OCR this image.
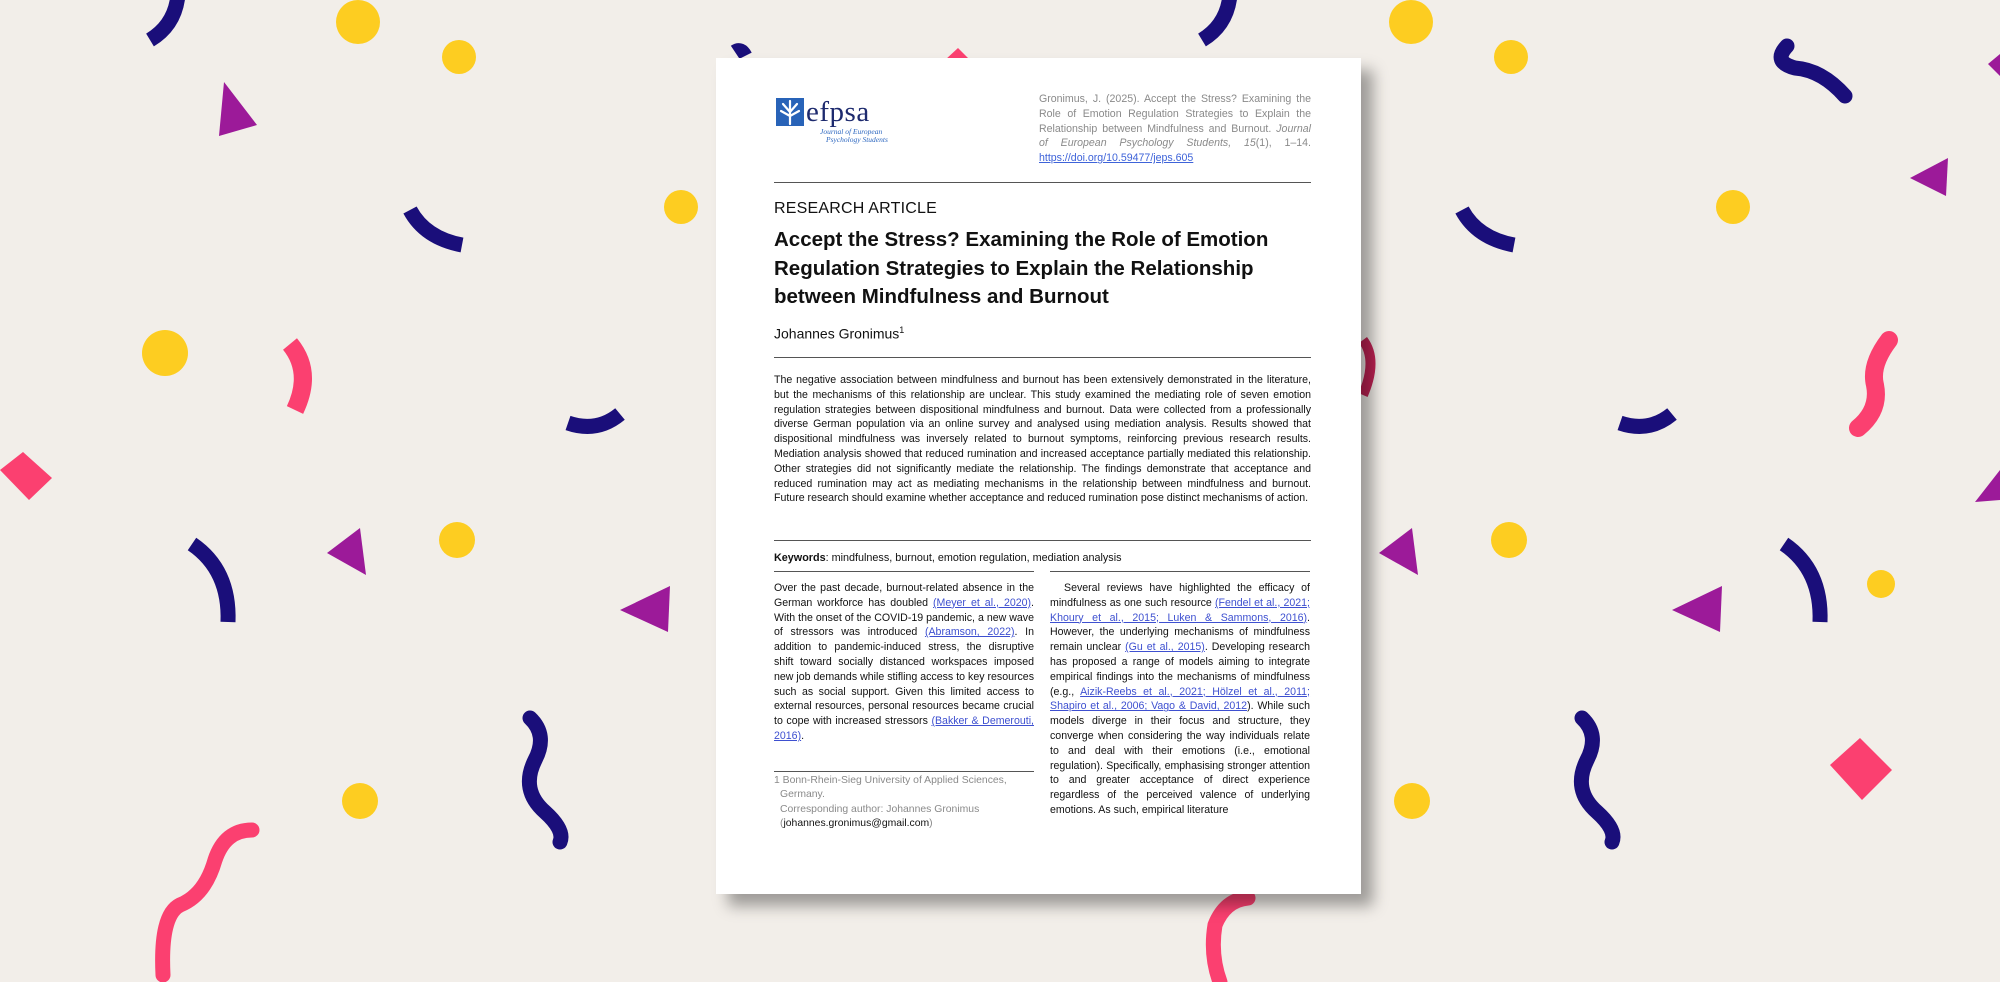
efpsa
Journal of European
Psychology Students
Gronimus, J. (2025). Accept the Stress? Examining the Role of Emotion Regulation Strategies to Explain the Relationship between Mindfulness and Burnout. Journal of European Psychology Students, 15(1), 1–14. https://doi.org/10.59477/jeps.605
RESEARCH ARTICLE
Accept the Stress? Examining the Role of Emotion Regulation Strategies to Explain the Relationship between Mindfulness and Burnout
Johannes Gronimus$^1$
The negative association between mindfulness and burnout has been extensively demonstrated in the literature, but the mechanisms of this relationship are unclear. This study examined the mediating role of seven emotion regulation strategies between dispositional mindfulness and burnout. Data were collected from a professionally diverse German population via an online survey and analysed using mediation analysis. Results showed that dispositional mindfulness was inversely related to burnout symptoms, reinforcing previous research results. Mediation analysis showed that reduced rumination and increased acceptance partially mediated this relationship. Other strategies did not significantly mediate the relationship. The findings demonstrate that acceptance and reduced rumination may act as mediating mechanisms in the relationship between mindfulness and burnout. Future research should examine whether acceptance and reduced rumination pose distinct mechanisms of action.
Keywords: mindfulness, burnout, emotion regulation, mediation analysis
Over the past decade, burnout-related absence in the German workforce has doubled (Meyer et al., 2020). With the onset of the COVID-19 pandemic, a new wave of stressors was introduced (Abramson, 2022). In addition to pandemic-induced stress, the disruptive shift toward socially distanced workspaces imposed new job demands while stifling access to key resources such as social support. Given this limited access to external resources, personal resources became crucial to cope with increased stressors (Bakker & Demerouti, 2016).
Several reviews have highlighted the efficacy of mindfulness as one such resource (Fendel et al., 2021; Khoury et al., 2015; Luken & Sammons, 2016). However, the underlying mechanisms of mindfulness remain unclear (Gu et al., 2015). Developing research has proposed a range of models aiming to integrate empirical findings into the mechanisms of mindfulness (e.g., Aizik-Reebs et al., 2021; Hölzel et al., 2011; Shapiro et al., 2006; Vago & David, 2012). While such models diverge in their focus and structure, they converge when considering the way individuals relate to and deal with their emotions (i.e., emotional regulation). Specifically, emphasising stronger attention to and greater acceptance of direct experience regardless of the perceived valence of underlying emotions. As such, empirical literature
1 Bonn-Rhein-Sieg University of Applied Sciences,
Germany.
Corresponding author: Johannes Gronimus
(johannes.gronimus@gmail.com)
